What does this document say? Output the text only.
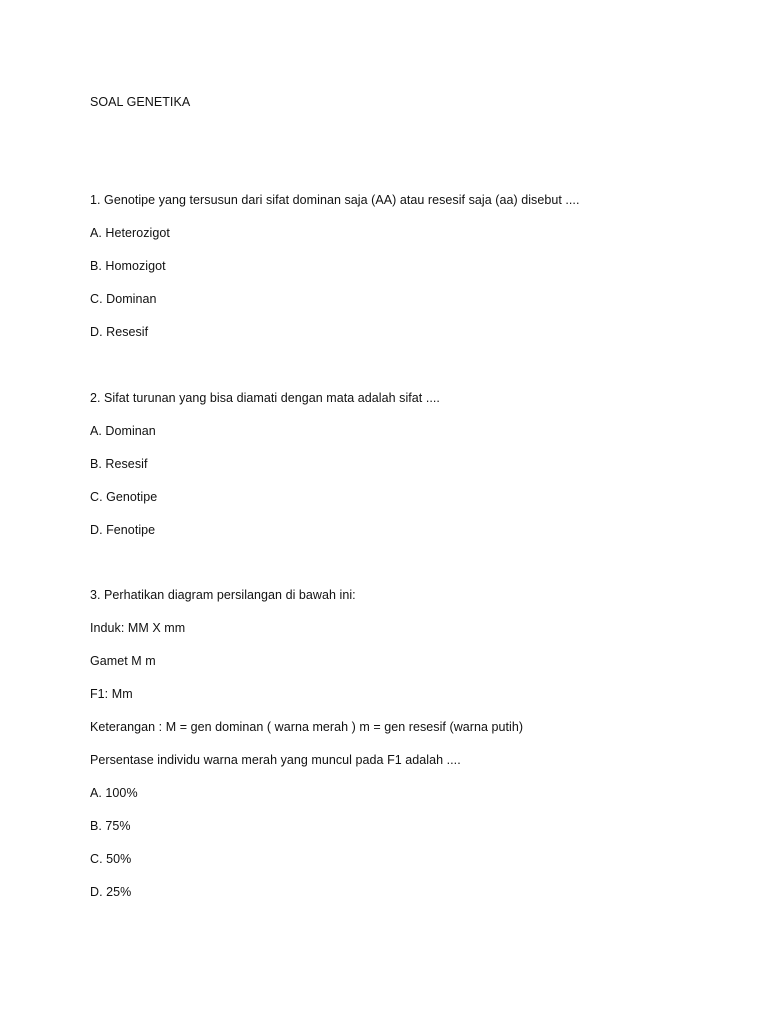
SOAL GENETIKA
1. Genotipe yang tersusun dari sifat dominan saja (AA) atau resesif saja (aa) disebut ....
A. Heterozigot
B. Homozigot
C. Dominan
D. Resesif
2. Sifat turunan yang bisa diamati dengan mata adalah sifat ....
A. Dominan
B. Resesif
C. Genotipe
D. Fenotipe
3. Perhatikan diagram persilangan di bawah ini:
Induk: MM X mm
Gamet M m
F1: Mm
Keterangan : M = gen dominan ( warna merah ) m = gen resesif (warna putih)
Persentase individu warna merah yang muncul pada F1 adalah ....
A. 100%
B. 75%
C. 50%
D. 25%
